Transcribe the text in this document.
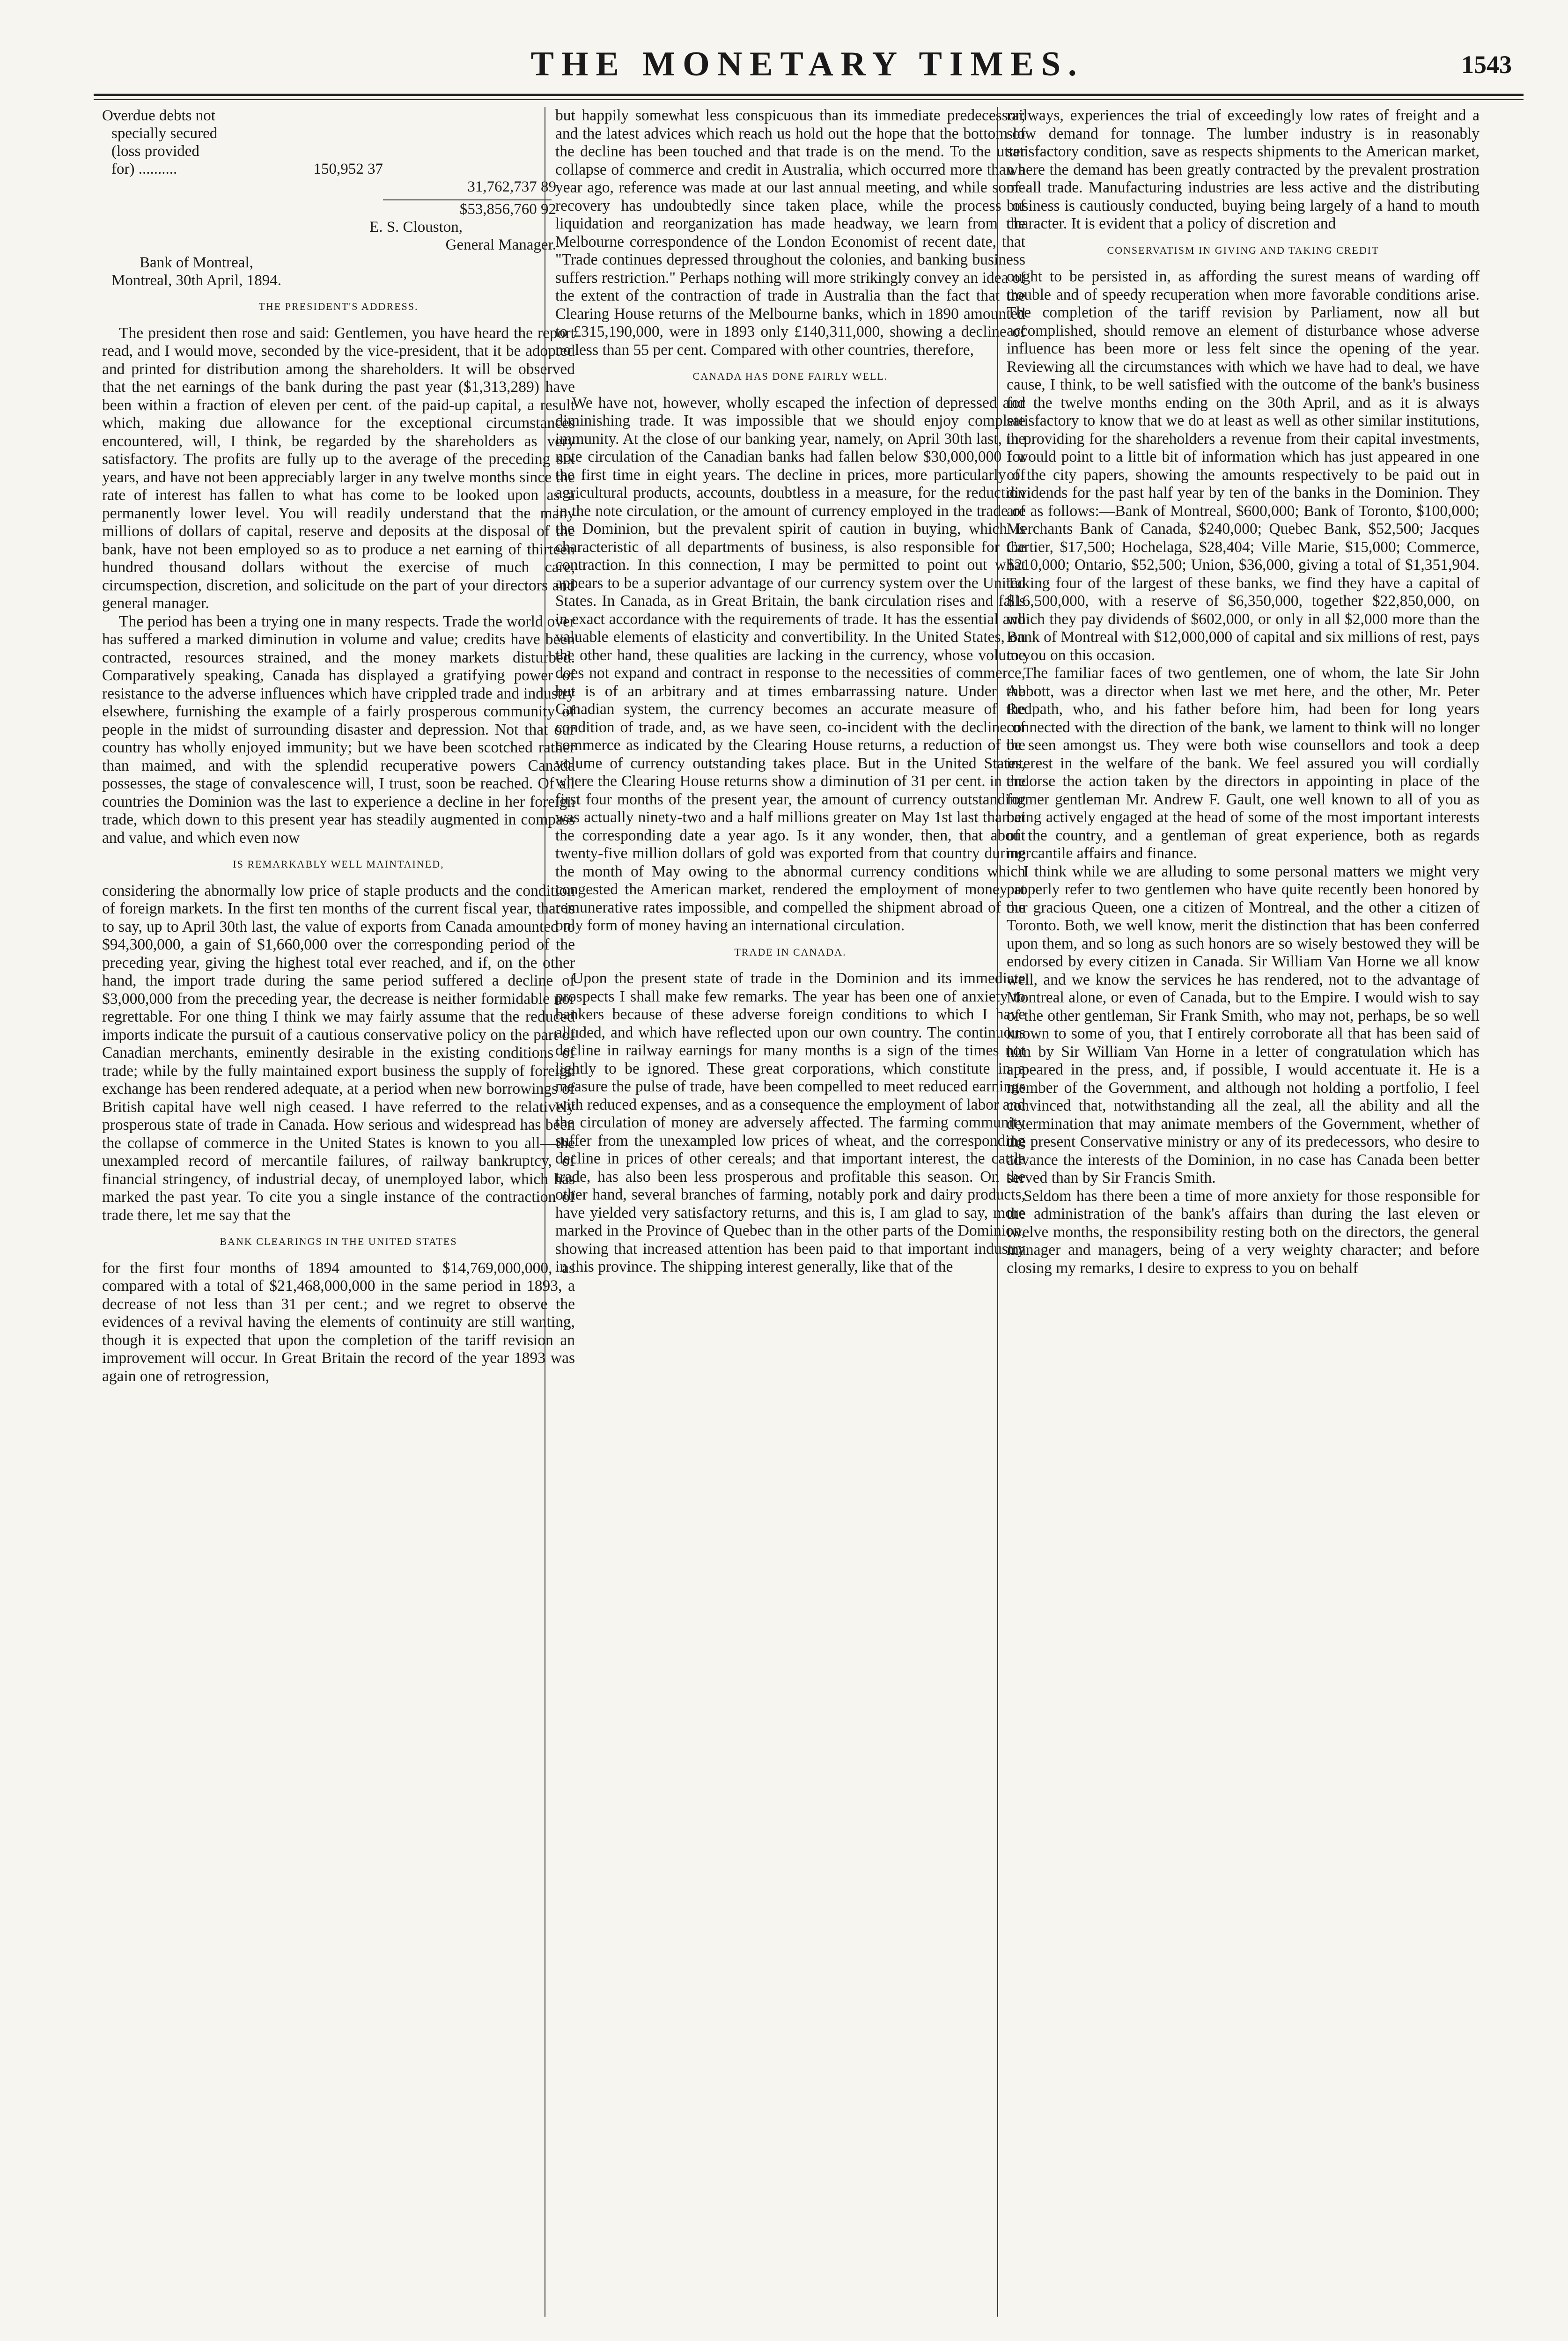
THE MONETARY TIMES.	1543
Overdue debts not
specially secured
(loss provided
for) ..........	150,952 37
31,762,737 89
$53,856,760 92
E. S. Clouston,
General Manager.
Bank of Montreal,
Montreal, 30th April, 1894.
THE PRESIDENT'S ADDRESS.

The president then rose and said: Gentlemen, you have heard the report read, and I would move, seconded by the vice-president, that it be adopted and printed for distribution among the shareholders. It will be observed that the net earnings of the bank during the past year ($1,313,289) have been within a fraction of eleven per cent. of the paid-up capital, a result which, making due allowance for the exceptional circumstances encountered, will, I think, be regarded by the shareholders as very satisfactory. The profits are fully up to the average of the preceding six years, and have not been appreciably larger in any twelve months since the rate of interest has fallen to what has come to be looked upon as a permanently lower level. You will readily understand that the many millions of dollars of capital, reserve and deposits at the disposal of the bank, have not been employed so as to produce a net earning of thirteen hundred thousand dollars without the exercise of much care, circumspection, discretion, and solicitude on the part of your directors and general manager.

The period has been a trying one in many respects. Trade the world over has suffered a marked diminution in volume and value; credits have been contracted, resources strained, and the money markets disturbed. Comparatively speaking, Canada has displayed a gratifying power of resistance to the adverse influences which have crippled trade and industry elsewhere, furnishing the example of a fairly prosperous community of people in the midst of surrounding disaster and depression. Not that our country has wholly enjoyed immunity; but we have been scotched rather than maimed, and with the splendid recuperative powers Canada possesses, the stage of convalescence will, I trust, soon be reached. Of all countries the Dominion was the last to experience a decline in her foreign trade, which down to this present year has steadily augmented in compass and value, and which even now

IS REMARKABLY WELL MAINTAINED,

considering the abnormally low price of staple products and the condition of foreign markets. In the first ten months of the current fiscal year, that is to say, up to April 30th last, the value of exports from Canada amounted to $94,300,000, a gain of $1,660,000 over the corresponding period of the preceding year, giving the highest total ever reached, and if, on the other hand, the import trade during the same period suffered a decline of $3,000,000 from the preceding year, the decrease is neither formidable nor regrettable. For one thing I think we may fairly assume that the reduced imports indicate the pursuit of a cautious conservative policy on the part of Canadian merchants, eminently desirable in the existing conditions of trade; while by the fully maintained export business the supply of foreign exchange has been rendered adequate, at a period when new borrowings of British capital have well nigh ceased. I have referred to the relatively prosperous state of trade in Canada. How serious and widespread has been the collapse of commerce in the United States is known to you all—the unexampled record of mercantile failures, of railway bankruptcy, of financial stringency, of industrial decay, of unemployed labor, which has marked the past year. To cite you a single instance of the contraction of trade there, let me say that the

BANK CLEARINGS IN THE UNITED STATES

for the first four months of 1894 amounted to $14,769,000,000, as compared with a total of $21,468,000,000 in the same period in 1893, a decrease of not less than 31 per cent.; and we regret to observe the evidences of a revival having the elements of continuity are still wanting, though it is expected that upon the completion of the tariff revision an improvement will occur. In Great Britain the record of the year 1893 was again one of retrogression,

but happily somewhat less conspicuous than its immediate predecessor; and the latest advices which reach us hold out the hope that the bottom of the decline has been touched and that trade is on the mend. To the utter collapse of commerce and credit in Australia, which occurred more than a year ago, reference was made at our last annual meeting, and while some recovery has undoubtedly since taken place, while the process of liquidation and reorganization has made headway, we learn from the Melbourne correspondence of the London Economist of recent date, that "Trade continues depressed throughout the colonies, and banking business suffers restriction." Perhaps nothing will more strikingly convey an idea of the extent of the contraction of trade in Australia than the fact that the Clearing House returns of the Melbourne banks, which in 1890 amounted to £315,190,000, were in 1893 only £140,311,000, showing a decline of no less than 55 per cent. Compared with other countries, therefore,

CANADA HAS DONE FAIRLY WELL.

We have not, however, wholly escaped the infection of depressed and diminishing trade. It was impossible that we should enjoy complete immunity. At the close of our banking year, namely, on April 30th last, the note circulation of the Canadian banks had fallen below $30,000,000 for the first time in eight years. The decline in prices, more particularly of agricultural products, accounts, doubtless in a measure, for the reduction in the note circulation, or the amount of currency employed in the trade of the Dominion, but the prevalent spirit of caution in buying, which is characteristic of all departments of business, is also responsible for the contraction. In this connection, I may be permitted to point out what appears to be a superior advantage of our currency system over the United States. In Canada, as in Great Britain, the bank circulation rises and falls in exact accordance with the requirements of trade. It has the essential and valuable elements of elasticity and convertibility. In the United States, on the other hand, these qualities are lacking in the currency, whose volume does not expand and contract in response to the necessities of commerce, but is of an arbitrary and at times embarrassing nature. Under the Canadian system, the currency becomes an accurate measure of the condition of trade, and, as we have seen, co-incident with the decline of commerce as indicated by the Clearing House returns, a reduction of the volume of currency outstanding takes place. But in the United States, where the Clearing House returns show a diminution of 31 per cent. in the first four months of the present year, the amount of currency outstanding was actually ninety-two and a half millions greater on May 1st last than at the corresponding date a year ago. Is it any wonder, then, that about twenty-five million dollars of gold was exported from that country during the month of May owing to the abnormal currency conditions which congested the American market, rendered the employment of money at remunerative rates impossible, and compelled the shipment abroad of the only form of money having an international circulation.

TRADE IN CANADA.

Upon the present state of trade in the Dominion and its immediate prospects I shall make few remarks. The year has been one of anxiety to bankers because of these adverse foreign conditions to which I have alluded, and which have reflected upon our own country. The continuous decline in railway earnings for many months is a sign of the times not lightly to be ignored. These great corporations, which constitute in a measure the pulse of trade, have been compelled to meet reduced earnings with reduced expenses, and as a consequence the employment of labor and the circulation of money are adversely affected. The farming community suffer from the unexampled low prices of wheat, and the corresponding decline in prices of other cereals; and that important interest, the cattle trade, has also been less prosperous and profitable this season. On the other hand, several branches of farming, notably pork and dairy products, have yielded very satisfactory returns, and this is, I am glad to say, more marked in the Province of Quebec than in the other parts of the Dominion, showing that increased attention has been paid to that important industry in this province. The shipping interest generally, like that of the

railways, experiences the trial of exceedingly low rates of freight and a slow demand for tonnage. The lumber industry is in reasonably satisfactory condition, save as respects shipments to the American market, where the demand has been greatly contracted by the prevalent prostration of all trade. Manufacturing industries are less active and the distributing business is cautiously conducted, buying being largely of a hand to mouth character. It is evident that a policy of discretion and

CONSERVATISM IN GIVING AND TAKING CREDIT

ought to be persisted in, as affording the surest means of warding off trouble and of speedy recuperation when more favorable conditions arise. The completion of the tariff revision by Parliament, now all but accomplished, should remove an element of disturbance whose adverse influence has been more or less felt since the opening of the year. Reviewing all the circumstances with which we have had to deal, we have cause, I think, to be well satisfied with the outcome of the bank's business for the twelve months ending on the 30th April, and as it is always satisfactory to know that we do at least as well as other similar institutions, in providing for the shareholders a revenue from their capital investments, I would point to a little bit of information which has just appeared in one of the city papers, showing the amounts respectively to be paid out in dividends for the past half year by ten of the banks in the Dominion. They are as follows:—Bank of Montreal, $600,000; Bank of Toronto, $100,000; Merchants Bank of Canada, $240,000; Quebec Bank, $52,500; Jacques Cartier, $17,500; Hochelaga, $28,404; Ville Marie, $15,000; Commerce, $210,000; Ontario, $52,500; Union, $36,000, giving a total of $1,351,904. Taking four of the largest of these banks, we find they have a capital of $16,500,000, with a reserve of $6,350,000, together $22,850,000, on which they pay dividends of $602,000, or only in all $2,000 more than the Bank of Montreal with $12,000,000 of capital and six millions of rest, pays to you on this occasion.

The familiar faces of two gentlemen, one of whom, the late Sir John Abbott, was a director when last we met here, and the other, Mr. Peter Redpath, who, and his father before him, had been for long years connected with the direction of the bank, we lament to think will no longer be seen amongst us. They were both wise counsellors and took a deep interest in the welfare of the bank. We feel assured you will cordially endorse the action taken by the directors in appointing in place of the former gentleman Mr. Andrew F. Gault, one well known to all of you as being actively engaged at the head of some of the most important interests of the country, and a gentleman of great experience, both as regards mercantile affairs and finance.

I think while we are alluding to some personal matters we might very properly refer to two gentlemen who have quite recently been honored by our gracious Queen, one a citizen of Montreal, and the other a citizen of Toronto. Both, we well know, merit the distinction that has been conferred upon them, and so long as such honors are so wisely bestowed they will be endorsed by every citizen in Canada. Sir William Van Horne we all know well, and we know the services he has rendered, not to the advantage of Montreal alone, or even of Canada, but to the Empire. I would wish to say of the other gentleman, Sir Frank Smith, who may not, perhaps, be so well known to some of you, that I entirely corroborate all that has been said of him by Sir William Van Horne in a letter of congratulation which has appeared in the press, and, if possible, I would accentuate it. He is a member of the Government, and although not holding a portfolio, I feel convinced that, notwithstanding all the zeal, all the ability and all the determination that may animate members of the Government, whether of the present Conservative ministry or any of its predecessors, who desire to advance the interests of the Dominion, in no case has Canada been better served than by Sir Francis Smith.

Seldom has there been a time of more anxiety for those responsible for the administration of the bank's affairs than during the last eleven or twelve months, the responsibility resting both on the directors, the general manager and managers, being of a very weighty character; and before closing my remarks, I desire to express to you on behalf
